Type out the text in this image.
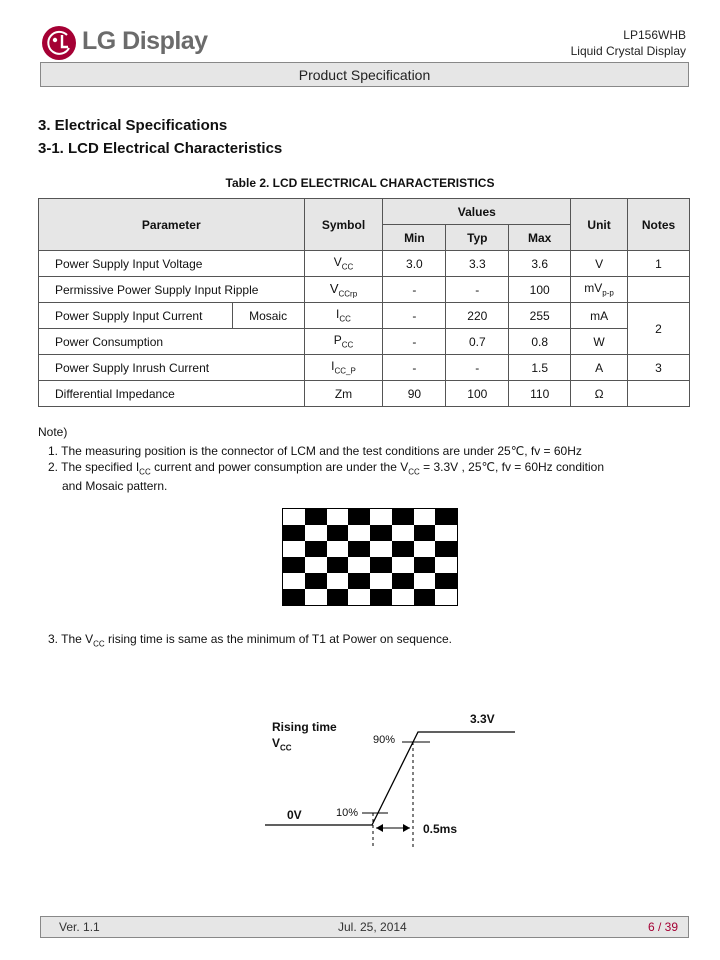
LG Display	LP156WHB
Liquid Crystal Display
Product Specification
3. Electrical Specifications
3-1. LCD Electrical Characteristics
Table 2. LCD ELECTRICAL CHARACTERISTICS
Parameter		Symbol	Values			Unit	Notes
			Min	Typ	Max		
Power Supply Input Voltage		$V_{CC}$	3.0	3.3	3.6	V	1
Permissive Power Supply Input Ripple		$V_{CCrp}$	-	-	100	$mV_{p-p}$	
Power Supply Input Current	Mosaic	$I_{CC}$	-	220	255	mA	2
Power Consumption		$P_{CC}$	-	0.7	0.8	W	
Power Supply Inrush Current		$I_{CC\_P}$	-	-	1.5	A	3
Differential Impedance		Zm	90	100	110	Ω	
Note)
1. The measuring position is the connector of LCM and the test conditions are under 25℃, fv = 60Hz
2. The specified $I_{CC}$ current and power consumption are under the $V_{CC} = 3.3V$ , 25℃, fv = 60Hz condition
and Mosaic pattern.
3. The $V_{CC}$ rising time is same as the minimum of T1 at Power on sequence.
Rising time
$V_{CC}$
3.3V
90%
0V	10%
0.5ms
Ver. 1.1	Jul. 25, 2014	6 / 39
